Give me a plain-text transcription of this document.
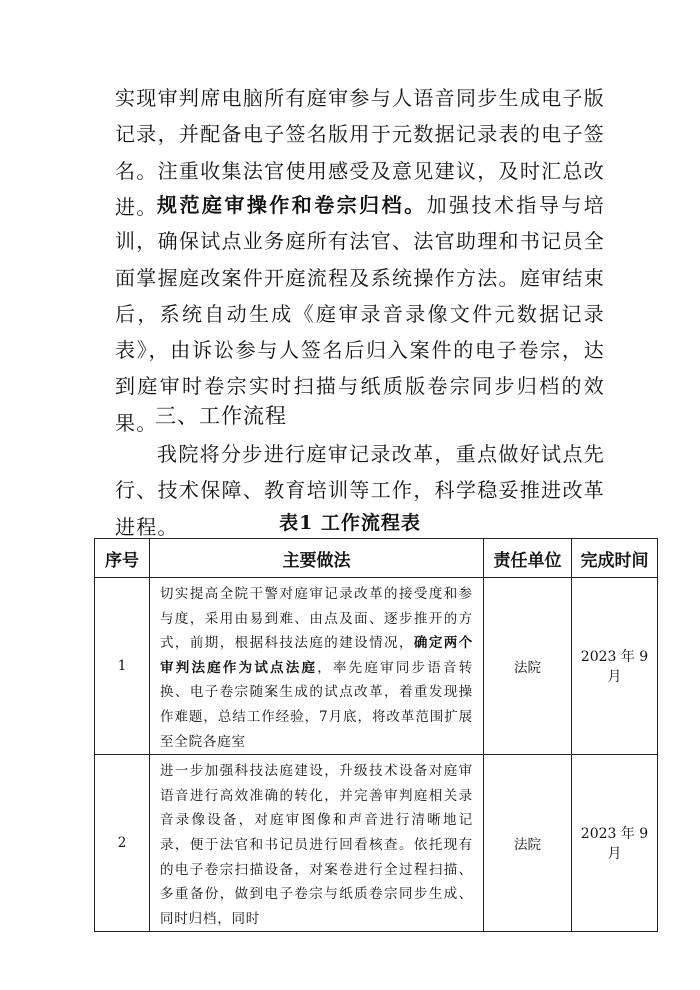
实现审判席电脑所有庭审参与人语音同步生成电子版记录，并配备电子签名版用于元数据记录表的电子签名。注重收集法官使用感受及意见建议，及时汇总改进。 规范庭审操作和卷宗归档。加强技术指导与培训，确保试点业务庭所有法官、法官助理和书记员全面掌握庭改案件开庭流程及系统操作方法。庭审结束后，系统自动生成《庭审录音录像文件元数据记录表》，由诉讼参与人签名后归入案件的电子卷宗，达到庭审时卷宗实时扫描与纸质版卷宗同步归档的效果。

三、工作流程

我院将分步进行庭审记录改革，重点做好试点先行、技术保障、教育培训等工作，科学稳妥推进改革进程。	表1 工作流程表

序号	主要做法	责任单位	完成时间
1	切实提高全院干警对庭审记录改革的接受度和参与度，采用由易到难、由点及面、逐步推开的方式，前期，根据科技法庭的建设情况，确定两个审判法庭作为试点法庭，率先庭审同步语音转换、电子卷宗随案生成的试点改革，着重发现操作难题，总结工作经验，7月底，将改革范围扩展至全院各庭室	法院	2023 年 9 月
2	进一步加强科技法庭建设，升级技术设备对庭审语音进行高效准确的转化，并完善审判庭相关录音录像设备，对庭审图像和声音进行清晰地记录，便于法官和书记员进行回看核查。依托现有的电子卷宗扫描设备，对案卷进行全过程扫描、多重备份，做到电子卷宗与纸质卷宗同步生成、同时归档，同时	法院	2023 年 9 月
